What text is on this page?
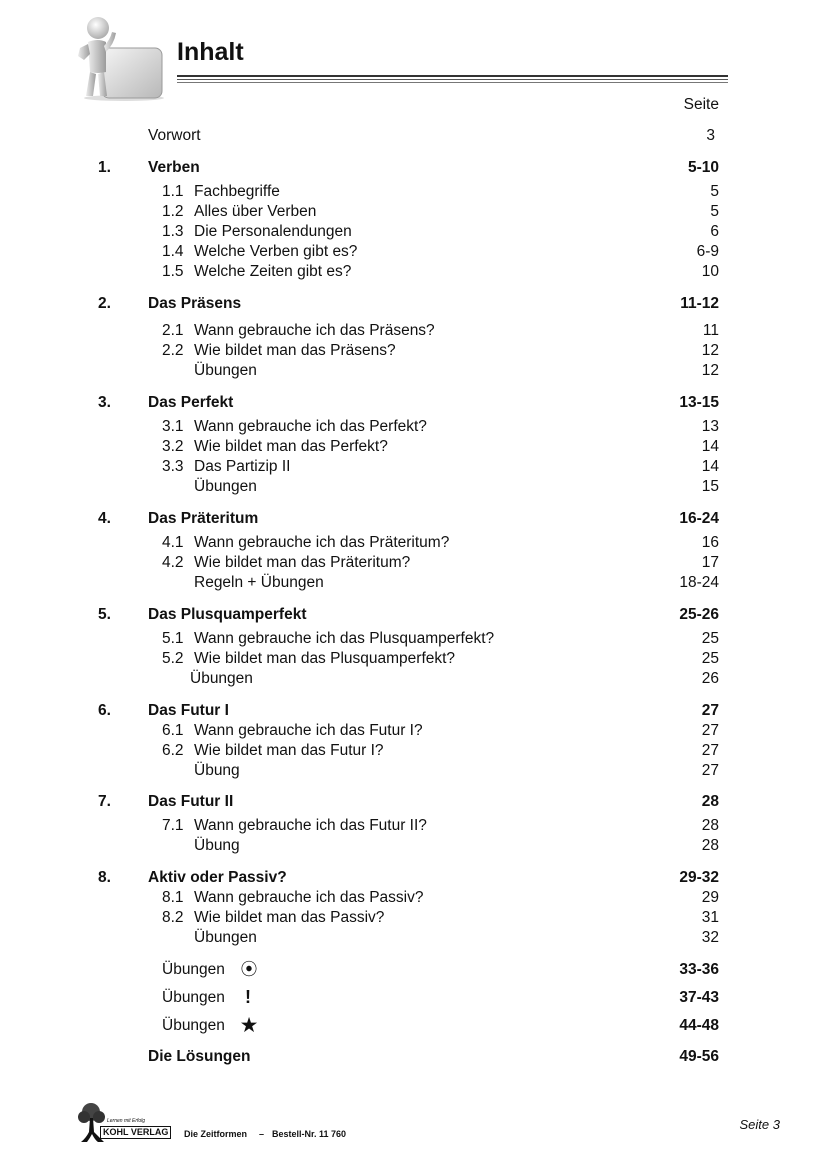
Inhalt
Seite
Vorwort	3
1. Verben	5-10
1.1 Fachbegriffe	5
1.2 Alles über Verben	5
1.3 Die Personalendungen	6
1.4 Welche Verben gibt es?	6-9
1.5 Welche Zeiten gibt es?	10
2. Das Präsens	11-12
2.1 Wann gebrauche ich das Präsens?	11
2.2 Wie bildet man das Präsens?	12
Übungen	12
3. Das Perfekt	13-15
3.1 Wann gebrauche ich das Perfekt?	13
3.2 Wie bildet man das Perfekt?	14
3.3 Das Partizip II	14
Übungen	15
4. Das Präteritum	16-24
4.1 Wann gebrauche ich das Präteritum?	16
4.2 Wie bildet man das Präteritum?	17
Regeln + Übungen	18-24
5. Das Plusquamperfekt	25-26
5.1 Wann gebrauche ich das Plusquamperfekt?	25
5.2 Wie bildet man das Plusquamperfekt?	25
Übungen	26
6. Das Futur I	27
6.1 Wann gebrauche ich das Futur I?	27
6.2 Wie bildet man das Futur I?	27
Übung	27
7. Das Futur II	28
7.1 Wann gebrauche ich das Futur II?	28
Übung	28
8. Aktiv oder Passiv?	29-32
8.1 Wann gebrauche ich das Passiv?	29
8.2 Wie bildet man das Passiv?	31
Übungen	32
Übungen ⦿	33-36
Übungen !	37-43
Übungen ★	44-48
Die Lösungen	49-56
Lernen mit Erfolg
KOHL VERLAG	Die Zeitformen – Bestell-Nr. 11 760
Seite 3
